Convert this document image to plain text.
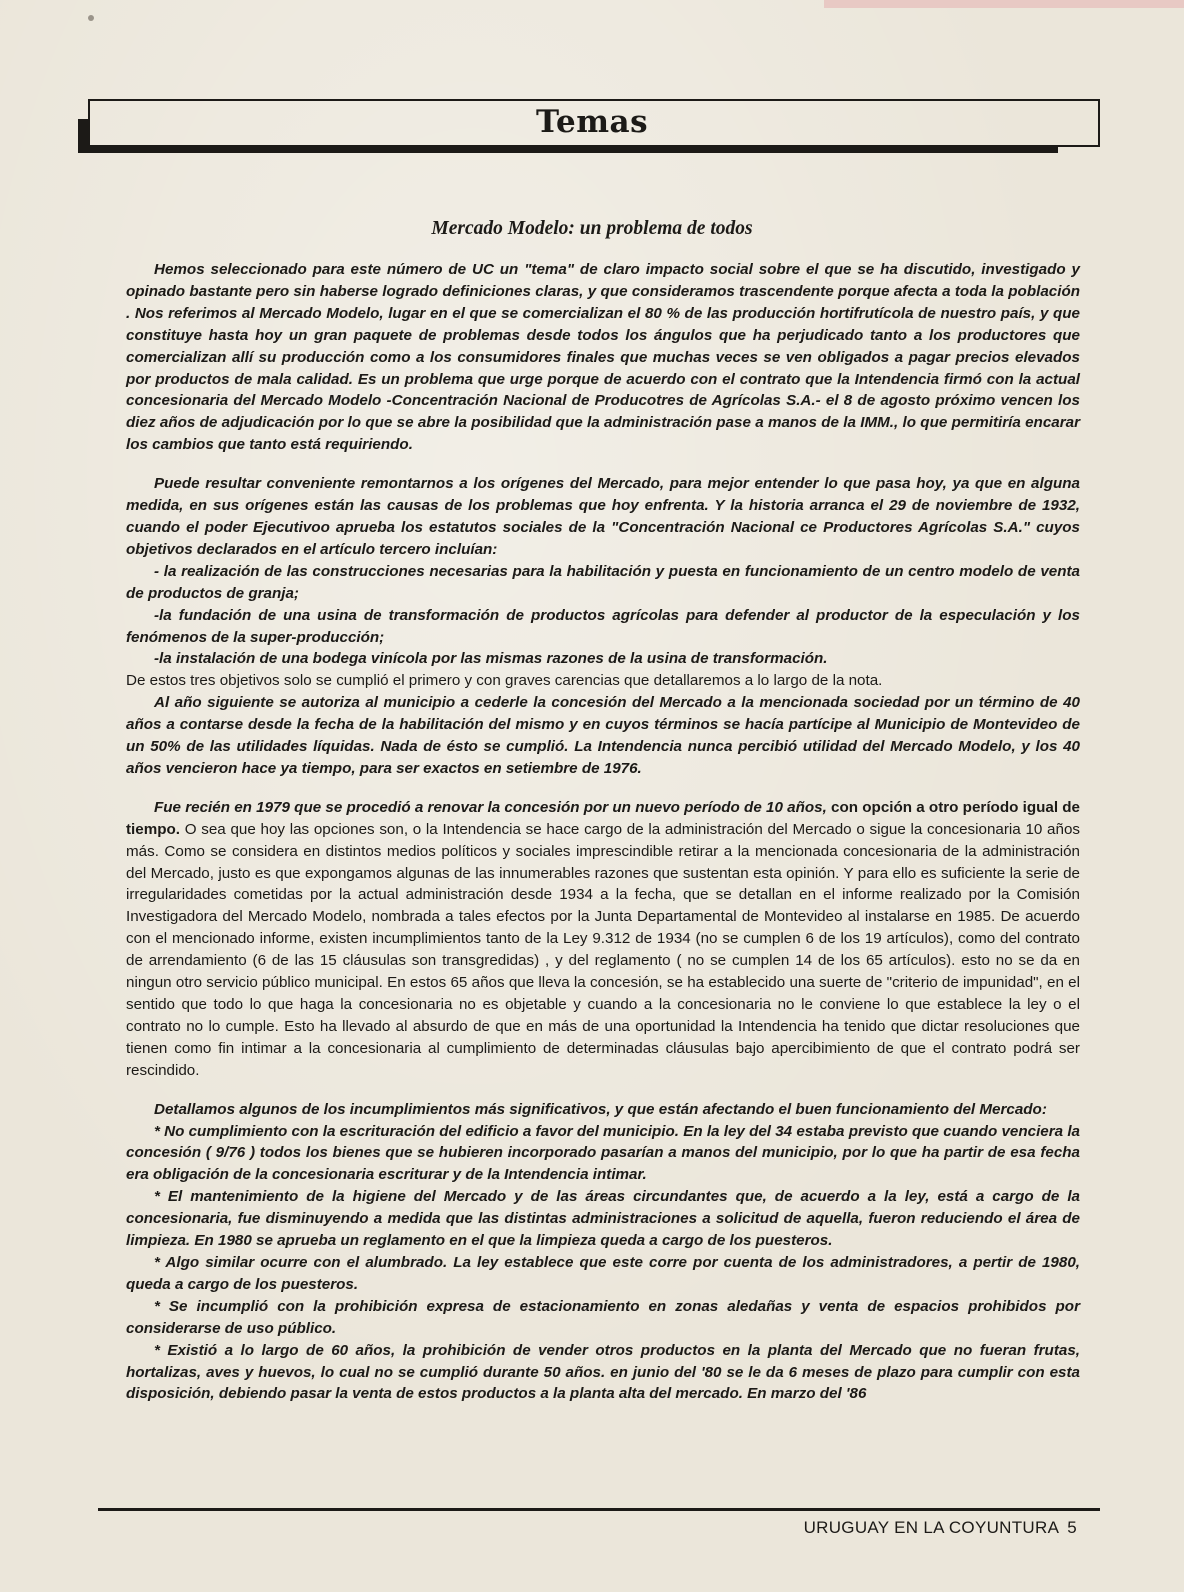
Temas
Mercado Modelo: un problema de todos

Hemos seleccionado para este número de UC un "tema" de claro impacto social sobre el que se ha discutido, investigado y opinado bastante pero sin haberse logrado definiciones claras, y que consideramos trascendente porque afecta a toda la población . Nos referimos al Mercado Modelo, lugar en el que se comercializan el 80 % de las producción hortifrutícola de nuestro país, y que constituye hasta hoy un gran paquete de problemas desde todos los ángulos que ha perjudicado tanto a los productores que comercializan allí su producción como a los consumidores finales que muchas veces se ven obligados a pagar precios elevados por productos de mala calidad. Es un problema que urge porque de acuerdo con el contrato que la Intendencia firmó con la actual concesionaria del Mercado Modelo -Concentración Nacional de Producotres de Agrícolas S.A.- el 8 de agosto próximo vencen los diez años de adjudicación por lo que se abre la posibilidad que la administración pase a manos de la IMM., lo que permitiría encarar los cambios que tanto está requiriendo.

Puede resultar conveniente remontarnos a los orígenes del Mercado, para mejor entender lo que pasa hoy, ya que en alguna medida, en sus orígenes están las causas de los problemas que hoy enfrenta. Y la historia arranca el 29 de noviembre de 1932, cuando el poder Ejecutivoo aprueba los estatutos sociales de la "Concentración Nacional ce Productores Agrícolas S.A." cuyos objetivos declarados en el artículo tercero incluían:

- la realización de las construcciones necesarias para la habilitación y puesta en funcionamiento de un centro modelo de venta de productos de granja;

-la fundación de una usina de transformación de productos agrícolas para defender al productor de la especulación y los fenómenos de la super-producción;

-la instalación de una bodega vinícola por las mismas razones de la usina de transformación.

De estos tres objetivos solo se cumplió el primero y con graves carencias que detallaremos a lo largo de la nota.

Al año siguiente se autoriza al municipio a cederle la concesión del Mercado a la mencionada sociedad por un término de 40 años a contarse desde la fecha de la habilitación del mismo y en cuyos términos se hacía partícipe al Municipio de Montevideo de un 50% de las utilidades líquidas. Nada de ésto se cumplió. La Intendencia nunca percibió utilidad del Mercado Modelo, y los 40 años vencieron hace ya tiempo, para ser exactos en setiembre de 1976.

Fue recién en 1979 que se procedió a renovar la concesión por un nuevo período de 10 años, con opción a otro período igual de tiempo. O sea que hoy las opciones son, o la Intendencia se hace cargo de la administración del Mercado o sigue la concesionaria 10 años más. Como se considera en distintos medios políticos y sociales imprescindible retirar a la mencionada concesionaria de la administración del Mercado, justo es que expongamos algunas de las innumerables razones que sustentan esta opinión. Y para ello es suficiente la serie de irregularidades cometidas por la actual administración desde 1934 a la fecha, que se detallan en el informe realizado por la Comisión Investigadora del Mercado Modelo, nombrada a tales efectos por la Junta Departamental de Montevideo al instalarse en 1985. De acuerdo con el mencionado informe, existen incumplimientos tanto de la Ley 9.312 de 1934 (no se cumplen 6 de los 19 artículos), como del contrato de arrendamiento (6 de las 15 cláusulas son transgredidas) , y del reglamento ( no se cumplen 14 de los 65 artículos). esto no se da en ningun otro servicio público municipal. En estos 65 años que lleva la concesión, se ha establecido una suerte de "criterio de impunidad", en el sentido que todo lo que haga la concesionaria no es objetable y cuando a la concesionaria no le conviene lo que establece la ley o el contrato no lo cumple. Esto ha llevado al absurdo de que en más de una oportunidad la Intendencia ha tenido que dictar resoluciones que tienen como fin intimar a la concesionaria al cumplimiento de determinadas cláusulas bajo apercibimiento de que el contrato podrá ser rescindido.

Detallamos algunos de los incumplimientos más significativos, y que están afectando el buen funcionamiento del Mercado:

* No cumplimiento con la escrituración del edificio a favor del municipio. En la ley del 34 estaba previsto que cuando venciera la concesión ( 9/76 ) todos los bienes que se hubieren incorporado pasarían a manos del municipio, por lo que ha partir de esa fecha era obligación de la concesionaria escriturar y de la Intendencia intimar.

* El mantenimiento de la higiene del Mercado y de las áreas circundantes que, de acuerdo a la ley, está a cargo de la concesionaria, fue disminuyendo a medida que las distintas administraciones a solicitud de aquella, fueron reduciendo el área de limpieza. En 1980 se aprueba un reglamento en el que la limpieza queda a cargo de los puesteros.

* Algo similar ocurre con el alumbrado. La ley establece que este corre por cuenta de los administradores, a pertir de 1980, queda a cargo de los puesteros.

* Se incumplió con la prohibición expresa de estacionamiento en zonas aledañas y venta de espacios prohibidos por considerarse de uso público.

* Existió a lo largo de 60 años, la prohibición de vender otros productos en la planta del Mercado que no fueran frutas, hortalizas, aves y huevos, lo cual no se cumplió durante 50 años. en junio del '80 se le da 6 meses de plazo para cumplir con esta disposición, debiendo pasar la venta de estos productos a la planta alta del mercado. En marzo del '86

URUGUAY EN LA COYUNTURA 5
